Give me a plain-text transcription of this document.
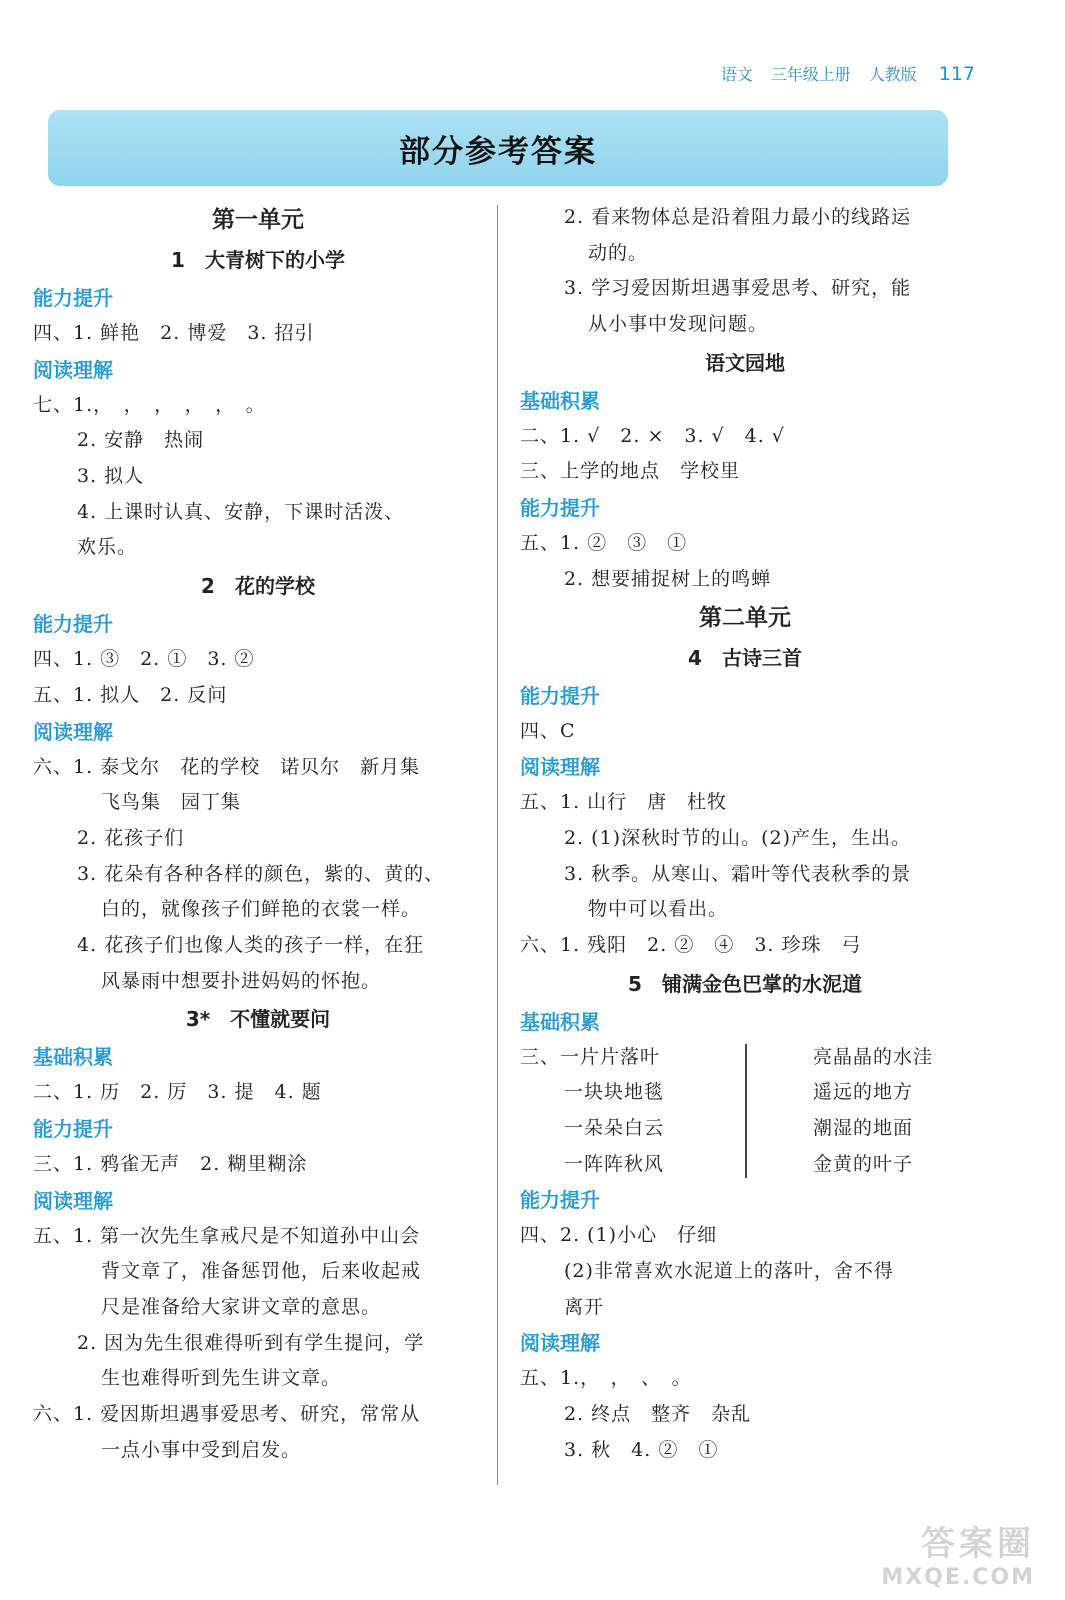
语文 三年级上册 人教版 117
部分参考答案
第一单元
1　大青树下的小学
能力提升
四、1. 鲜艳　2. 博爱　3. 招引
阅读理解
七、1.，　，　，　，　，　。
2. 安静　热闹
3. 拟人
4. 上课时认真、安静，下课时活泼、
欢乐。
2　花的学校
能力提升
四、1. ③　2. ①　3. ②
五、1. 拟人　2. 反问
阅读理解
六、1. 泰戈尔　花的学校　诺贝尔　新月集
飞鸟集　园丁集
2. 花孩子们
3. 花朵有各种各样的颜色，紫的、黄的、
白的，就像孩子们鲜艳的衣裳一样。
4. 花孩子们也像人类的孩子一样，在狂
风暴雨中想要扑进妈妈的怀抱。
3*　不懂就要问
基础积累
二、1. 历　2. 厉　3. 提　4. 题
能力提升
三、1. 鸦雀无声　2. 糊里糊涂
阅读理解
五、1. 第一次先生拿戒尺是不知道孙中山会
背文章了，准备惩罚他，后来收起戒
尺是准备给大家讲文章的意思。
2. 因为先生很难得听到有学生提问，学
生也难得听到先生讲文章。
六、1. 爱因斯坦遇事爱思考、研究，常常从
一点小事中受到启发。
2. 看来物体总是沿着阻力最小的线路运
动的。
3. 学习爱因斯坦遇事爱思考、研究，能
从小事中发现问题。
语文园地
基础积累
二、1. √　2. ×　3. √　4. √
三、上学的地点　学校里
能力提升
五、1. ②　③　①
2. 想要捕捉树上的鸣蝉
第二单元
4　古诗三首
能力提升
四、C
阅读理解
五、1. 山行　唐　杜牧
2. (1)深秋时节的山。(2)产生，生出。
3. 秋季。从寒山、霜叶等代表秋季的景
物中可以看出。
六、1. 残阳　2. ②　④　3. 珍珠　弓
5　铺满金色巴掌的水泥道
基础积累
三、一片片落叶	亮晶晶的水洼
一块块地毯	遥远的地方
一朵朵白云	潮湿的地面
一阵阵秋风	金黄的叶子
能力提升
四、2. (1)小心　仔细
(2)非常喜欢水泥道上的落叶，舍不得
离开
阅读理解
五、1.，　，　、　。
2. 终点　整齐　杂乱
3. 秋　4. ②　①
答案圈
MXQE.COM
